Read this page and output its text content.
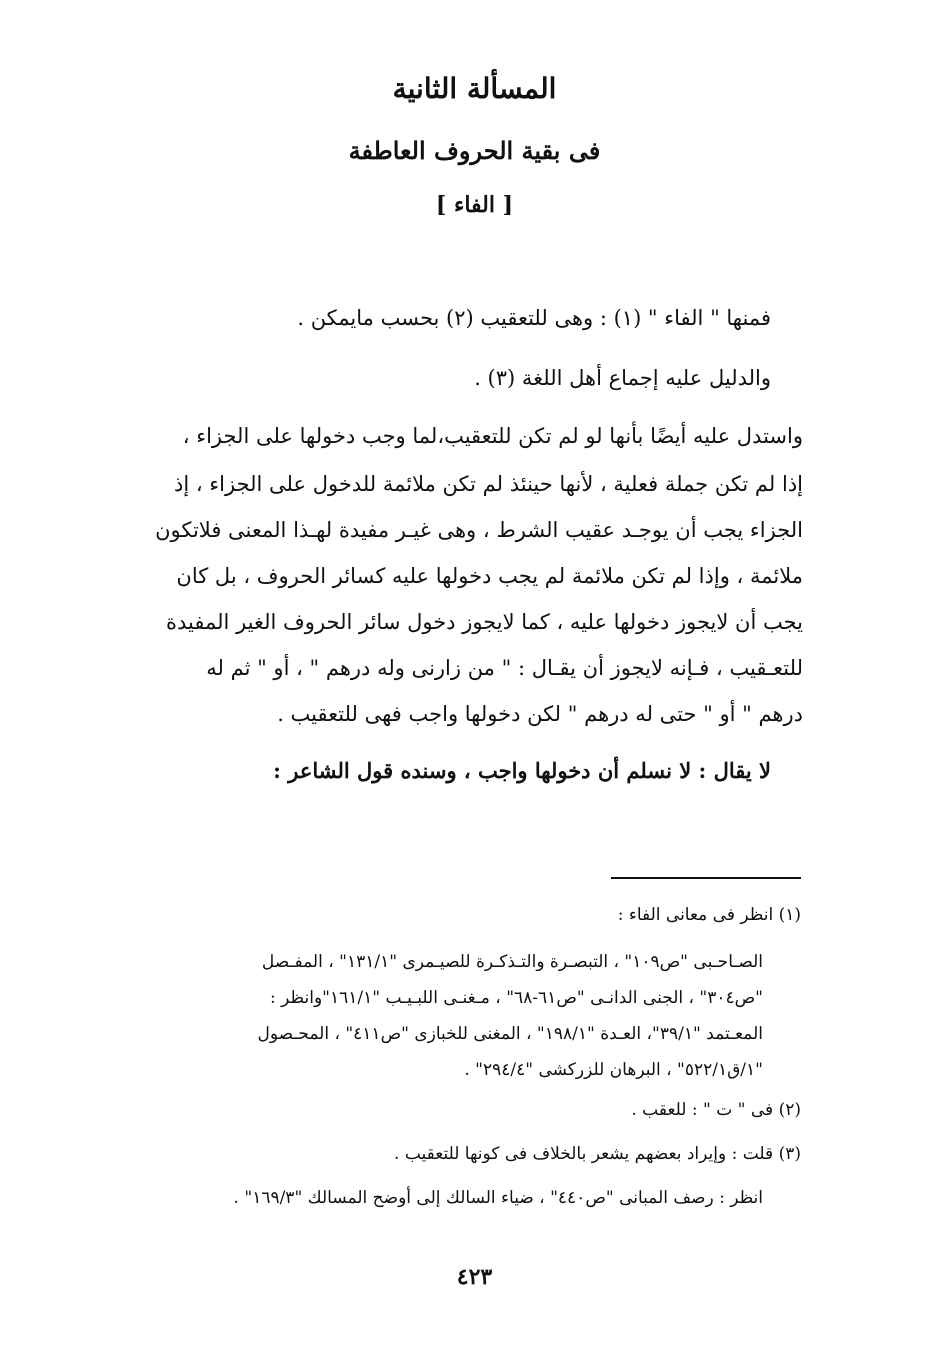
المسألة الثانية
فى بقية الحروف العاطفة
[ الفاء ]
فمنها " الفاء " (١) : وهى للتعقيب (٢) بحسب مايمكن .
والدليل عليه إجماع أهل اللغة (٣) .
واستدل عليه أيضًا بأنها لو لم تكن للتعقيب،لما وجب دخولها على الجزاء ،
إذا لم تكن جملة فعلية ، لأنها حينئذ لم تكن ملائمة للدخول على الجزاء ، إذ
الجزاء يجب أن يوجـد عقيب الشرط ، وهى غيـر مفيدة لهـذا المعنى فلاتكون
ملائمة ، وإذا لم تكن ملائمة لم يجب دخولها عليه كسائر الحروف ، بل كان
يجب أن لايجوز دخولها عليه ، كما لايجوز دخول سائر الحروف الغير المفيدة
للتعـقيب ، فـإنه لايجوز أن يقـال : " من زارنى وله درهم " ، أو " ثم له
درهم " أو " حتى له درهم " لكن دخولها واجب فهى للتعقيب .
لا يقال : لا نسلم أن دخولها واجب ، وسنده قول الشاعر :
(١) انظر فى معانى الفاء :
الصـاحـبى "ص١٠٩" ، التبصـرة والتـذكـرة للصيـمرى "١٣١/١" ، المفـصل
"ص٣٠٤" ، الجنى الدانـى "ص٦١-٦٨" ، مـغنـى اللبـيـب "١٦١/١"وانظر :
المعـتمد "٣٩/١"، العـدة "١٩٨/١" ، المغنى للخبازى "ص٤١١" ، المحـصول
"١/ق٥٢٢/١" ، البرهان للزركشى "٢٩٤/٤" .
(٢) فى " ت " : للعقب .
(٣) قلت : وإيراد بعضهم يشعر بالخلاف فى كونها للتعقيب .
انظر : رصف المبانى "ص٤٤٠" ، ضياء السالك إلى أوضح المسالك "١٦٩/٣" .
٤٢٣
